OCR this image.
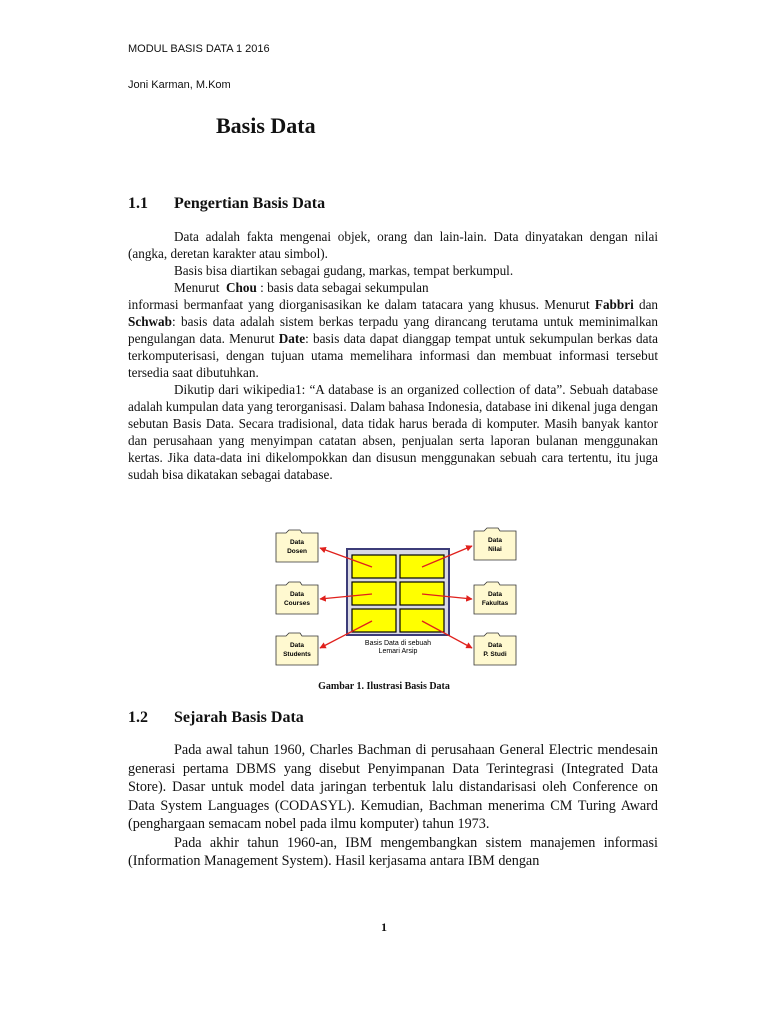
MODUL BASIS DATA 1 2016
Joni Karman, M.Kom
Basis Data
1.1 Pengertian Basis Data

Data adalah fakta mengenai objek, orang dan lain-lain. Data dinyatakan dengan nilai (angka, deretan karakter atau simbol).

Basis bisa diartikan sebagai gudang, markas, tempat berkumpul.

Menurut Chou : basis data sebagai sekumpulan

informasi bermanfaat yang diorganisasikan ke dalam tatacara yang khusus. Menurut Fabbri dan Schwab: basis data adalah sistem berkas terpadu yang dirancang terutama untuk meminimalkan pengulangan data. Menurut Date: basis data dapat dianggap tempat untuk sekumpulan berkas data terkomputerisasi, dengan tujuan utama memelihara informasi dan membuat informasi tersebut tersedia saat dibutuhkan.

Dikutip dari wikipedia1: “A database is an organized collection of data”. Sebuah database adalah kumpulan data yang terorganisasi. Dalam bahasa Indonesia, database ini dikenal juga dengan sebutan Basis Data. Secara tradisional, data tidak harus berada di komputer. Masih banyak kantor dan perusahaan yang menyimpan catatan absen, penjualan serta laporan bulanan menggunakan kertas. Jika data-data ini dikelompokkan dan disusun menggunakan sebuah cara tertentu, itu juga sudah bisa dikatakan sebagai database.

Basis Data di sebuah
Lemari Arsip
Data
Dosen
Data
Courses
Data
Students
Data
Nilai
Data
Fakultas
Data
P. Studi
Gambar 1. Ilustrasi Basis Data
1.2 Sejarah Basis Data

Pada awal tahun 1960, Charles Bachman di perusahaan General Electric mendesain generasi pertama DBMS yang disebut Penyimpanan Data Terintegrasi (Integrated Data Store). Dasar untuk model data jaringan terbentuk lalu distandarisasi oleh Conference on Data System Languages (CODASYL). Kemudian, Bachman menerima CM Turing Award (penghargaan semacam nobel pada ilmu komputer) tahun 1973.

Pada akhir tahun 1960-an, IBM mengembangkan sistem manajemen informasi (Information Management System). Hasil kerjasama antara IBM dengan

1
